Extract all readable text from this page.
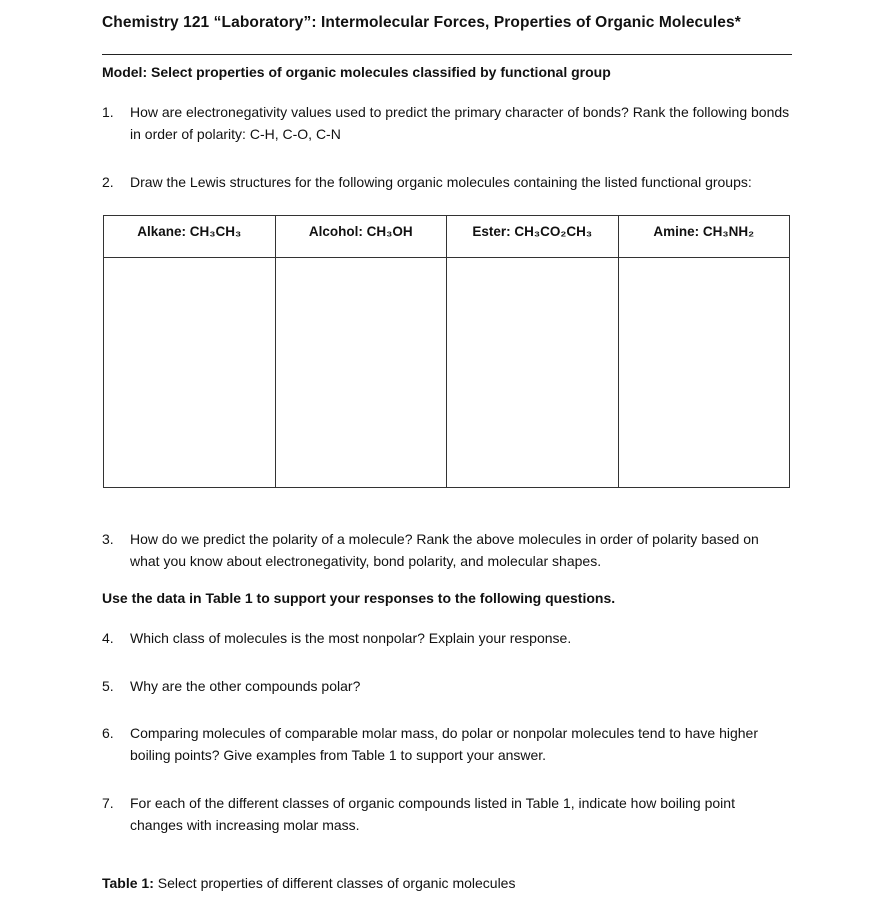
Chemistry 121 “Laboratory”: Intermolecular Forces, Properties of Organic Molecules*
Model: Select properties of organic molecules classified by functional group
1. How are electronegativity values used to predict the primary character of bonds? Rank the following bonds in order of polarity: C-H, C-O, C-N
2. Draw the Lewis structures for the following organic molecules containing the listed functional groups:
Alkane: CH₃CH₃	Alcohol: CH₃OH	Ester: CH₃CO₂CH₃	Amine: CH₃NH₂

3. How do we predict the polarity of a molecule? Rank the above molecules in order of polarity based on what you know about electronegativity, bond polarity, and molecular shapes.
Use the data in Table 1 to support your responses to the following questions.
4. Which class of molecules is the most nonpolar? Explain your response.
5. Why are the other compounds polar?
6. Comparing molecules of comparable molar mass, do polar or nonpolar molecules tend to have higher boiling points? Give examples from Table 1 to support your answer.
7. For each of the different classes of organic compounds listed in Table 1, indicate how boiling point changes with increasing molar mass.
Table 1: Select properties of different classes of organic molecules
